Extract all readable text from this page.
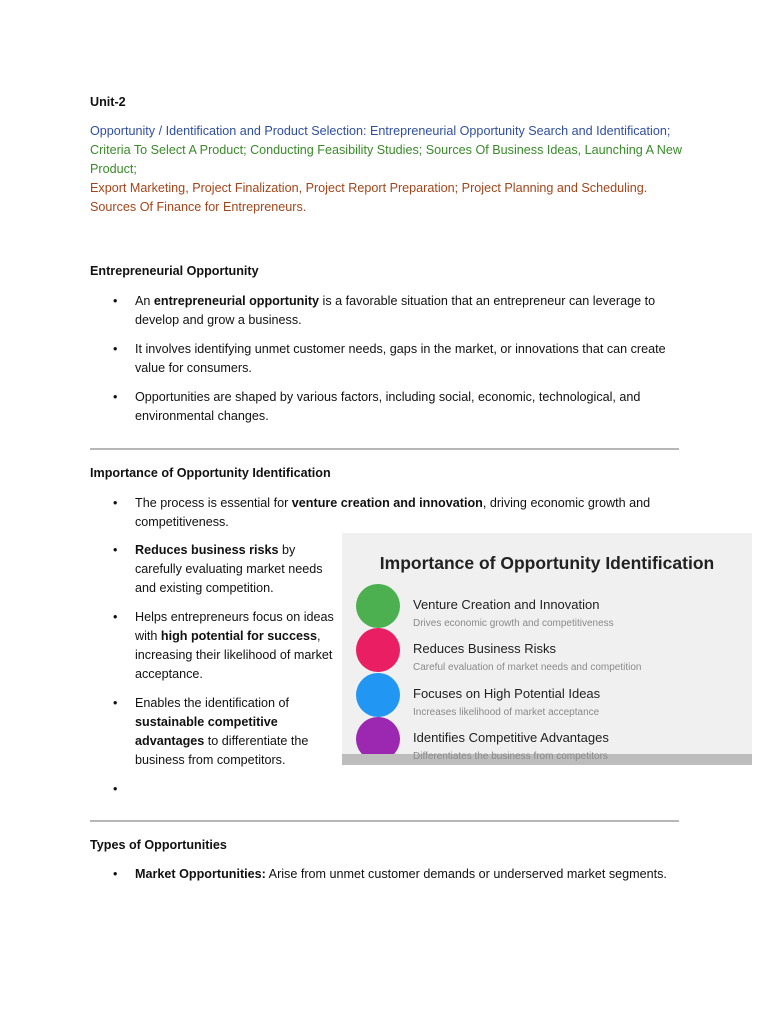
Unit-2
Opportunity / Identification and Product Selection: Entrepreneurial Opportunity Search and Identification;
Criteria To Select A Product; Conducting Feasibility Studies; Sources Of Business Ideas, Launching A New Product;
Export Marketing, Project Finalization, Project Report Preparation; Project Planning and Scheduling. Sources Of Finance for Entrepreneurs.
Entrepreneurial Opportunity
• An entrepreneurial opportunity is a favorable situation that an entrepreneur can leverage to develop and grow a business.
• It involves identifying unmet customer needs, gaps in the market, or innovations that can create value for consumers.
• Opportunities are shaped by various factors, including social, economic, technological, and environmental changes.
Importance of Opportunity Identification
• The process is essential for venture creation and innovation, driving economic growth and competitiveness.
• Reduces business risks by carefully evaluating market needs and existing competition.
• Helps entrepreneurs focus on ideas with high potential for success, increasing their likelihood of market acceptance.
• Enables the identification of sustainable competitive advantages to differentiate the business from competitors.
•
Importance of Opportunity Identification
Venture Creation and Innovation
Drives economic growth and competitiveness
Reduces Business Risks
Careful evaluation of market needs and competition
Focuses on High Potential Ideas
Increases likelihood of market acceptance
Identifies Competitive Advantages
Differentiates the business from competitors
Types of Opportunities
• Market Opportunities: Arise from unmet customer demands or underserved market segments.
